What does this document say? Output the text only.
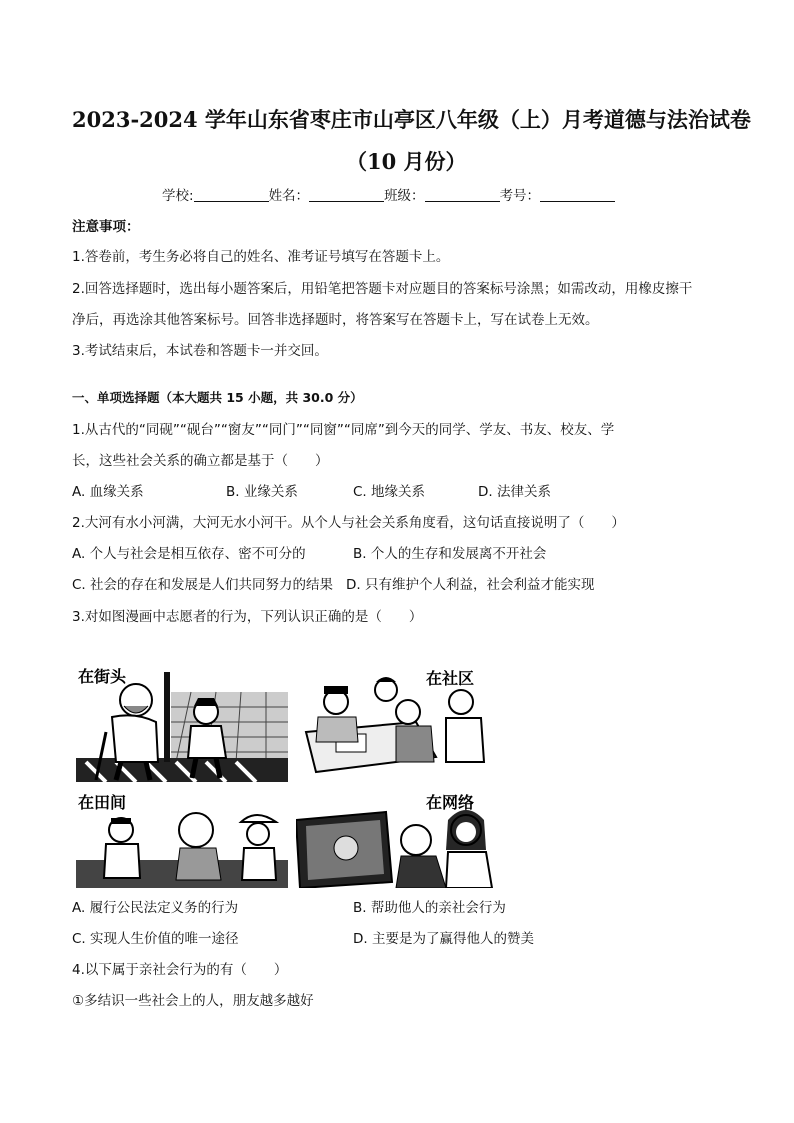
2023-2024 学年山东省枣庄市山亭区八年级（上）月考道德与法治试卷
（10 月份）
学校:	姓名：	班级：	考号：
注意事项：
1.答卷前，考生务必将自己的姓名、准考证号填写在答题卡上。
2.回答选择题时，选出每小题答案后，用铅笔把答题卡对应题目的答案标号涂黑；如需改动，用橡皮擦干
净后，再选涂其他答案标号。回答非选择题时，将答案写在答题卡上，写在试卷上无效。
3.考试结束后，本试卷和答题卡一并交回。
一、单项选择题（本大题共 15 小题，共 30.0 分）
1.从古代的“同砚”“砚台”“窗友”“同门”“同窗”“同席”到今天的同学、学友、书友、校友、学
长，这些社会关系的确立都是基于（　　）
A. 血缘关系	B. 业缘关系	C. 地缘关系	D. 法律关系
2.大河有水小河满，大河无水小河干。从个人与社会关系角度看，这句话直接说明了（　　）
A. 个人与社会是相互依存、密不可分的	B. 个人的生存和发展离不开社会
C. 社会的存在和发展是人们共同努力的结果 D. 只有维护个人利益，社会利益才能实现
3.对如图漫画中志愿者的行为，下列认识正确的是（　　）
在街头	在社区
在田间	在网络
A. 履行公民法定义务的行为	B. 帮助他人的亲社会行为
C. 实现人生价值的唯一途径	D. 主要是为了赢得他人的赞美
4.以下属于亲社会行为的有（　　）
①多结识一些社会上的人，朋友越多越好
